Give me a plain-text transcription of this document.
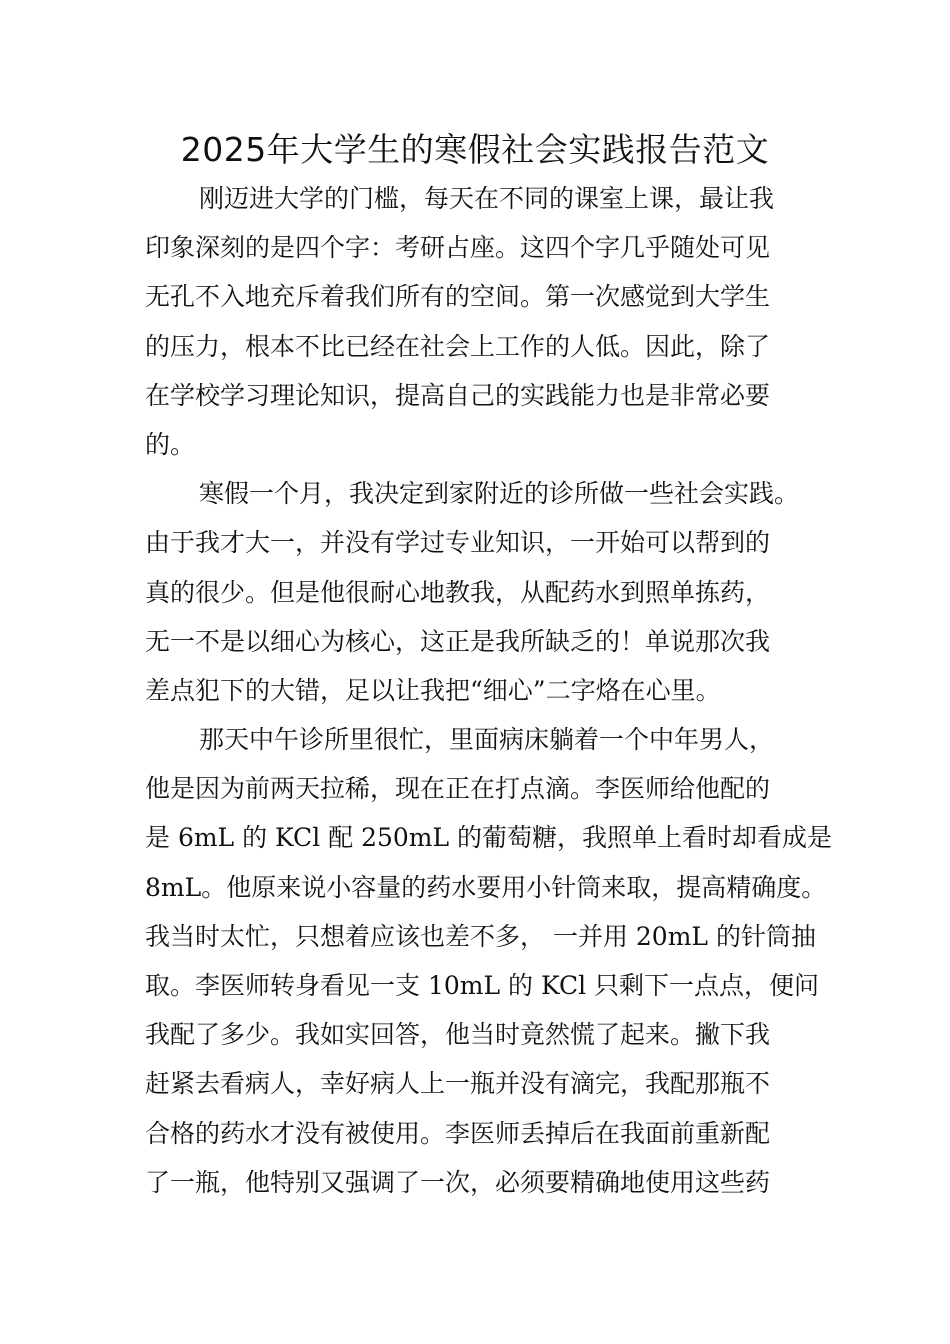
2025年大学生的寒假社会实践报告范文
刚迈进大学的门槛，每天在不同的课室上课，最让我
印象深刻的是四个字：考研占座。这四个字几乎随处可见
无孔不入地充斥着我们所有的空间。第一次感觉到大学生
的压力，根本不比已经在社会上工作的人低。因此，除了
在学校学习理论知识，提高自己的实践能力也是非常必要
的。
寒假一个月，我决定到家附近的诊所做一些社会实践。
由于我才大一，并没有学过专业知识，一开始可以帮到的
真的很少。但是他很耐心地教我，从配药水到照单拣药，
无一不是以细心为核心，这正是我所缺乏的！单说那次我
差点犯下的大错，足以让我把“细心”二字烙在心里。
那天中午诊所里很忙，里面病床躺着一个中年男人，
他是因为前两天拉稀，现在正在打点滴。李医师给他配的
是 6mL 的 KCl 配 250mL 的葡萄糖，我照单上看时却看成是
8mL。他原来说小容量的药水要用小针筒来取，提高精确度。
我当时太忙，只想着应该也差不多， 一并用 20mL 的针筒抽
取。李医师转身看见一支 10mL 的 KCl 只剩下一点点，便问
我配了多少。我如实回答，他当时竟然慌了起来。撇下我
赶紧去看病人，幸好病人上一瓶并没有滴完，我配那瓶不
合格的药水才没有被使用。李医师丢掉后在我面前重新配
了一瓶，他特别又强调了一次，必须要精确地使用这些药
